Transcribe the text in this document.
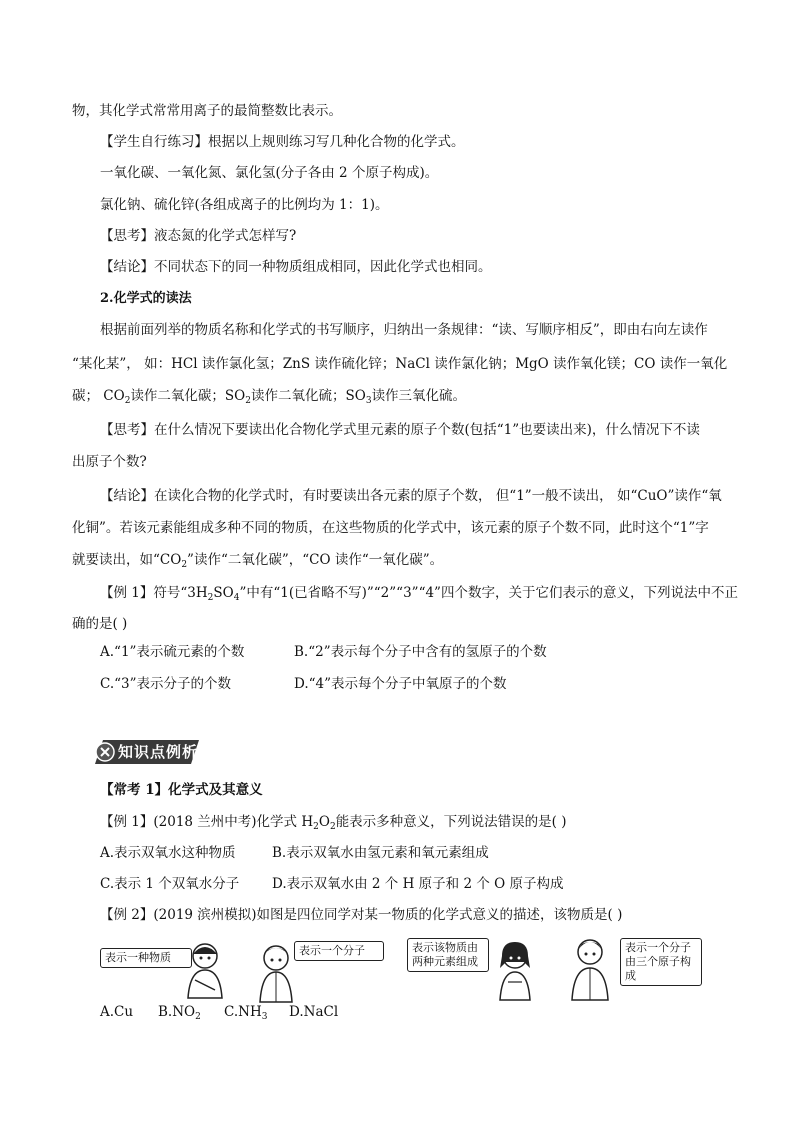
物，其化学式常常用离子的最简整数比表示。
【学生自行练习】根据以上规则练习写几种化合物的化学式。
一氧化碳、一氧化氮、氯化氢(分子各由 2 个原子构成)。
氯化钠、硫化锌(各组成离子的比例均为 1：1)。
【思考】液态氮的化学式怎样写?
【结论】不同状态下的同一种物质组成相同，因此化学式也相同。
2.化学式的读法
根据前面列举的物质名称和化学式的书写顺序，归纳出一条规律：“读、写顺序相反”，即由右向左读作
“某化某”， 如：HCl 读作氯化氢；ZnS 读作硫化锌；NaCl 读作氯化钠；MgO 读作氧化镁；CO 读作一氧化
碳； $CO_2$读作二氧化碳；$SO_2$读作二氧化硫；$SO_3$读作三氧化硫。
【思考】在什么情况下要读出化合物化学式里元素的原子个数(包括“1”也要读出来)，什么情况下不读
出原子个数?
【结论】在读化合物的化学式时，有时要读出各元素的原子个数， 但“1”一般不读出， 如“CuO”读作“氧
化铜”。若该元素能组成多种不同的物质，在这些物质的化学式中，该元素的原子个数不同，此时这个“1”字
就要读出，如“$CO_2$”读作“二氧化碳”，“CO 读作“一氧化碳”。
【例 1】符号“$3H_2SO_4$”中有“1(已省略不写)”“2”“3”“4”四个数字，关于它们表示的意义，下列说法中不正
确的是( )
A.“1”表示硫元素的个数	B.“2”表示每个分子中含有的氢原子的个数
C.“3”表示分子的个数	D.“4”表示每个分子中氧原子的个数
知识点例析
【常考 1】化学式及其意义
【例 1】(2018 兰州中考)化学式 $H_2O_2$能表示多种意义，下列说法错误的是( )
A.表示双氧水这种物质	B.表示双氧水由氢元素和氧元素组成
C.表示 1 个双氧水分子 D.表示双氧水由 2 个 H 原子和 2 个 O 原子构成
【例 2】(2019 滨州模拟)如图是四位同学对某一物质的化学式意义的描述，该物质是( )
表示一种物质
表示一个分子	表示该物质由两种元素组成
表示一个分子由三个原子构成
A.Cu $B.NO_2$ $C.NH_3$ D.NaCl
